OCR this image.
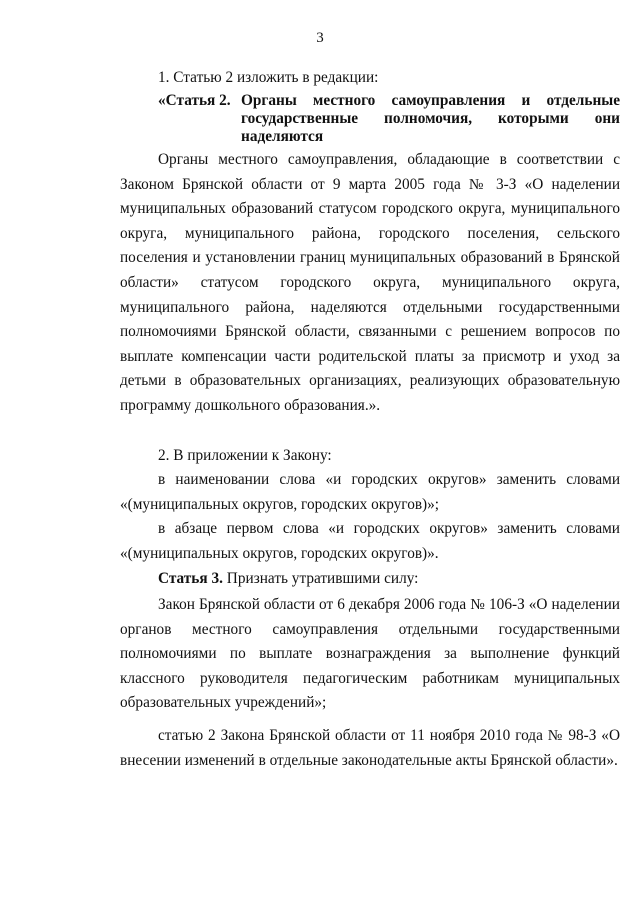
3

1. Статью 2 изложить в редакции:

«Статья 2. Органы местного самоуправления и отдельные государственные полномочия, которыми они наделяются

Органы местного самоуправления, обладающие в соответствии с Законом Брянской области от 9 марта 2005 года № 3-З «О наделении муниципальных образований статусом городского округа, муниципального округа, муниципального района, городского поселения, сельского поселения и установлении границ муниципальных образований в Брянской области» статусом городского округа, муниципального округа, муниципального района, наделяются отдельными государственными полномочиями Брянской области, связанными с решением вопросов по выплате компенсации части родительской платы за присмотр и уход за детьми в образовательных организациях, реализующих образовательную программу дошкольного образования.».

2. В приложении к Закону:

в наименовании слова «и городских округов» заменить словами «(муниципальных округов, городских округов)»;

в абзаце первом слова «и городских округов» заменить словами «(муниципальных округов, городских округов)».

Статья 3. Признать утратившими силу:

Закон Брянской области от 6 декабря 2006 года № 106-З «О наделении органов местного самоуправления отдельными государственными полномочиями по выплате вознаграждения за выполнение функций классного руководителя педагогическим работникам муниципальных образовательных учреждений»;

статью 2 Закона Брянской области от 11 ноября 2010 года № 98-З «О внесении изменений в отдельные законодательные акты Брянской области».
